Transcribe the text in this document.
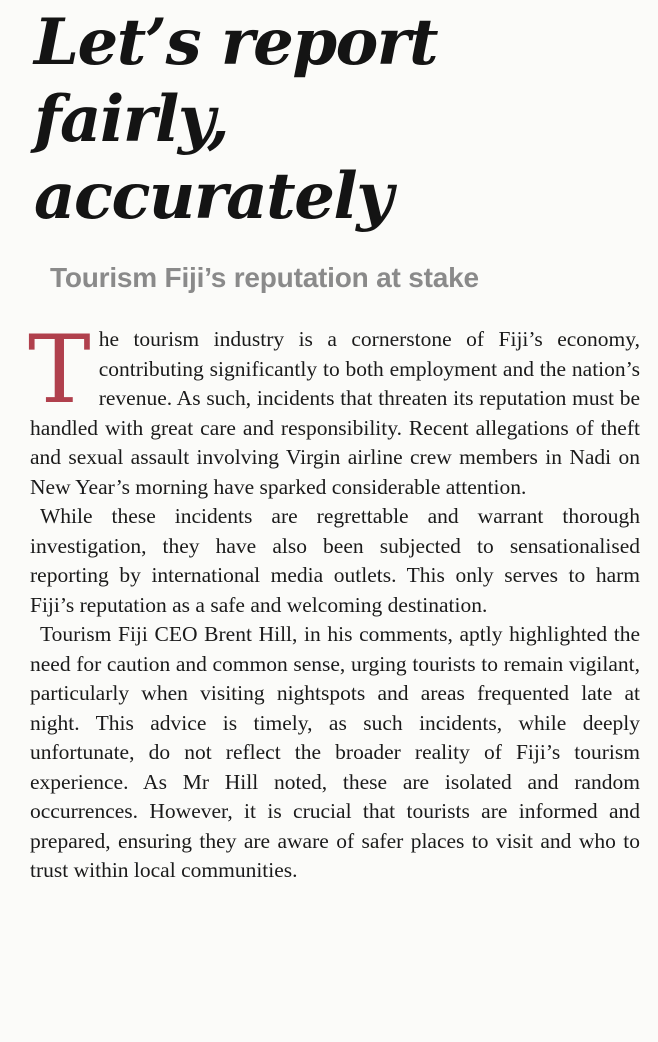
Let’s report
fairly,
accurately
Tourism Fiji’s reputation at stake

The tourism industry is a cornerstone of Fiji’s economy, contributing significantly to both employment and the nation’s revenue. As such, incidents that threaten its reputation must be handled with great care and responsibility. Recent allegations of theft and sexual assault involving Virgin airline crew members in Nadi on New Year’s morning have sparked considerable attention.

While these incidents are regrettable and warrant thorough investigation, they have also been subjected to sensationalised reporting by international media outlets. This only serves to harm Fiji’s reputation as a safe and welcoming destination.

Tourism Fiji CEO Brent Hill, in his comments, aptly highlighted the need for caution and common sense, urging tourists to remain vigilant, particularly when visiting nightspots and areas frequented late at night. This advice is timely, as such incidents, while deeply unfortunate, do not reflect the broader reality of Fiji’s tourism experience. As Mr Hill noted, these are isolated and random occurrences. However, it is crucial that tourists are informed and prepared, ensuring they are aware of safer places to visit and who to trust within local communities.
